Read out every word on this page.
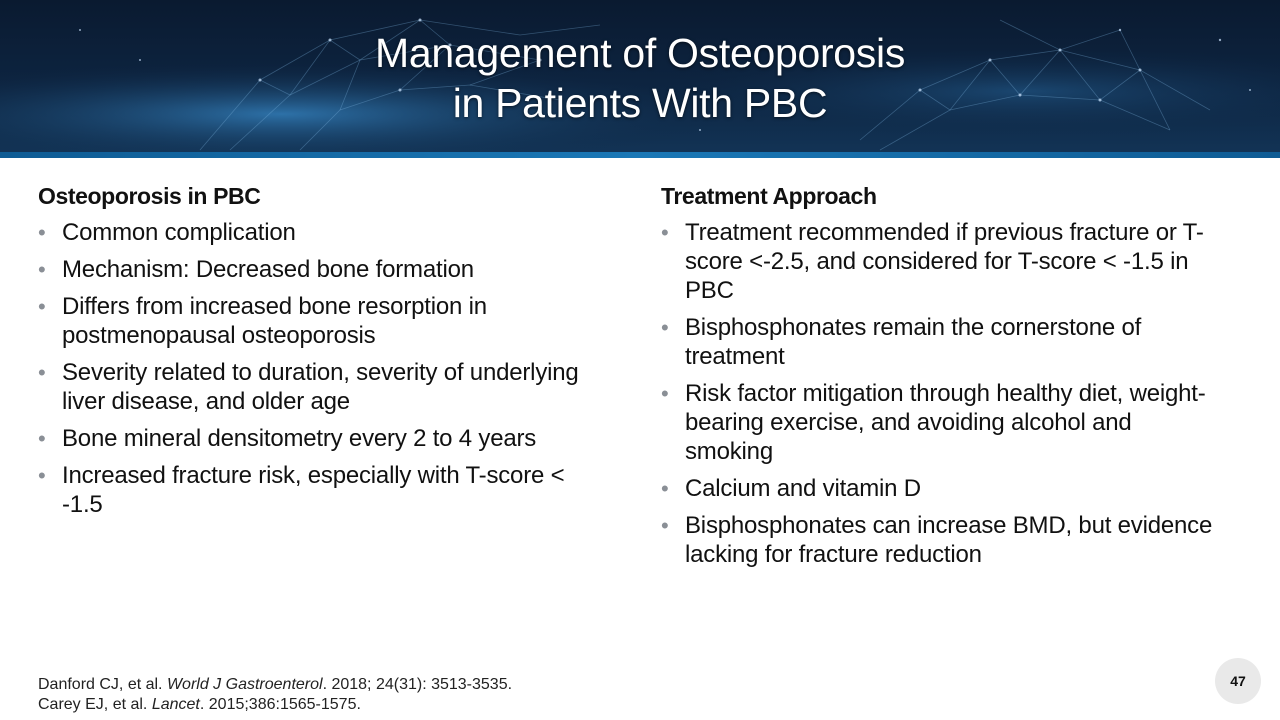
Management of Osteoporosis
in Patients With PBC
Osteoporosis in PBC
• Common complication
• Mechanism: Decreased bone formation
• Differs from increased bone resorption in postmenopausal osteoporosis
• Severity related to duration, severity of underlying liver disease, and older age
• Bone mineral densitometry every 2 to 4 years
• Increased fracture risk, especially with T-score < -1.5
Treatment Approach
• Treatment recommended if previous fracture or T-score <-2.5, and considered for T-score < -1.5 in PBC
• Bisphosphonates remain the cornerstone of treatment
• Risk factor mitigation through healthy diet, weight-bearing exercise, and avoiding alcohol and smoking
• Calcium and vitamin D
• Bisphosphonates can increase BMD, but evidence lacking for fracture reduction
Danford CJ, et al. World J Gastroenterol. 2018; 24(31): 3513-3535.
Carey EJ, et al. Lancet. 2015;386:1565-1575.
47
